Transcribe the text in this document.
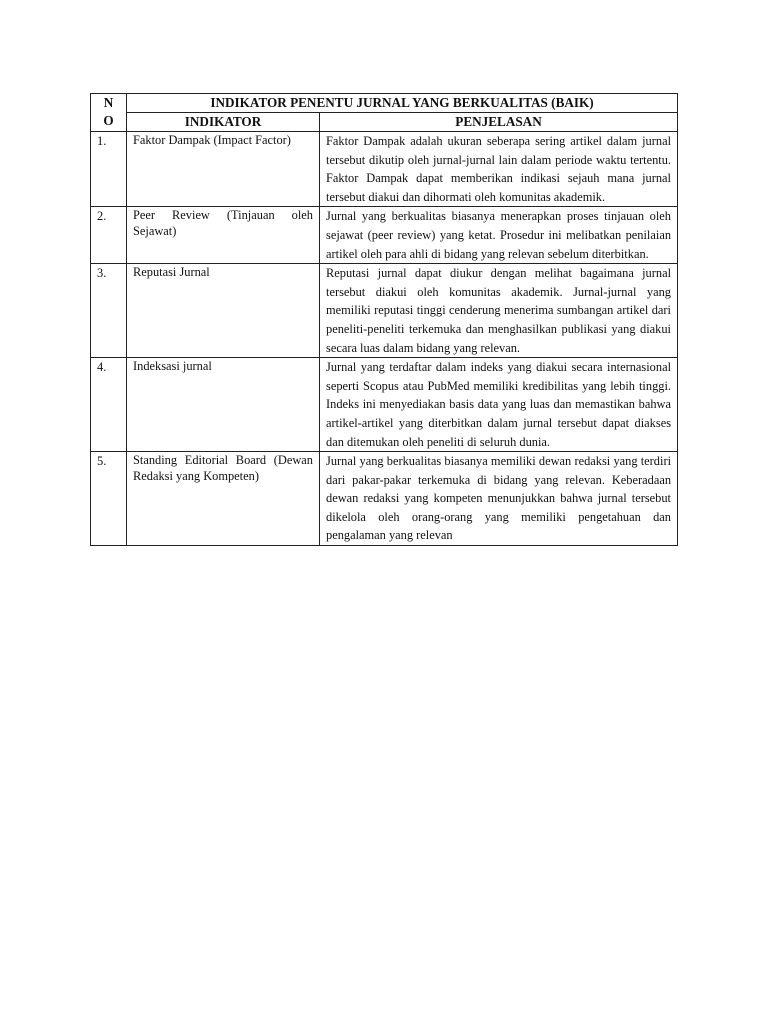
N
O	INDIKATOR PENENTU JURNAL YANG BERKUALITAS (BAIK)	
	INDIKATOR	PENJELASAN
1.	Faktor Dampak (Impact Factor)	Faktor Dampak adalah ukuran seberapa sering artikel dalam jurnal tersebut dikutip oleh jurnal-jurnal lain dalam periode waktu tertentu. Faktor Dampak dapat memberikan indikasi sejauh mana jurnal tersebut diakui dan dihormati oleh komunitas akademik.
2.	Peer Review (Tinjauan oleh Sejawat)	Jurnal yang berkualitas biasanya menerapkan proses tinjauan oleh sejawat (peer review) yang ketat. Prosedur ini melibatkan penilaian artikel oleh para ahli di bidang yang relevan sebelum diterbitkan.
3.	Reputasi Jurnal	Reputasi jurnal dapat diukur dengan melihat bagaimana jurnal tersebut diakui oleh komunitas akademik. Jurnal-jurnal yang memiliki reputasi tinggi cenderung menerima sumbangan artikel dari peneliti-peneliti terkemuka dan menghasilkan publikasi yang diakui secara luas dalam bidang yang relevan.
4.	Indeksasi jurnal	Jurnal yang terdaftar dalam indeks yang diakui secara internasional seperti Scopus atau PubMed memiliki kredibilitas yang lebih tinggi. Indeks ini menyediakan basis data yang luas dan memastikan bahwa artikel-artikel yang diterbitkan dalam jurnal tersebut dapat diakses dan ditemukan oleh peneliti di seluruh dunia.
5.	Standing Editorial Board (Dewan Redaksi yang Kompeten)	Jurnal yang berkualitas biasanya memiliki dewan redaksi yang terdiri dari pakar-pakar terkemuka di bidang yang relevan. Keberadaan dewan redaksi yang kompeten menunjukkan bahwa jurnal tersebut dikelola oleh orang-orang yang memiliki pengetahuan dan pengalaman yang relevan
